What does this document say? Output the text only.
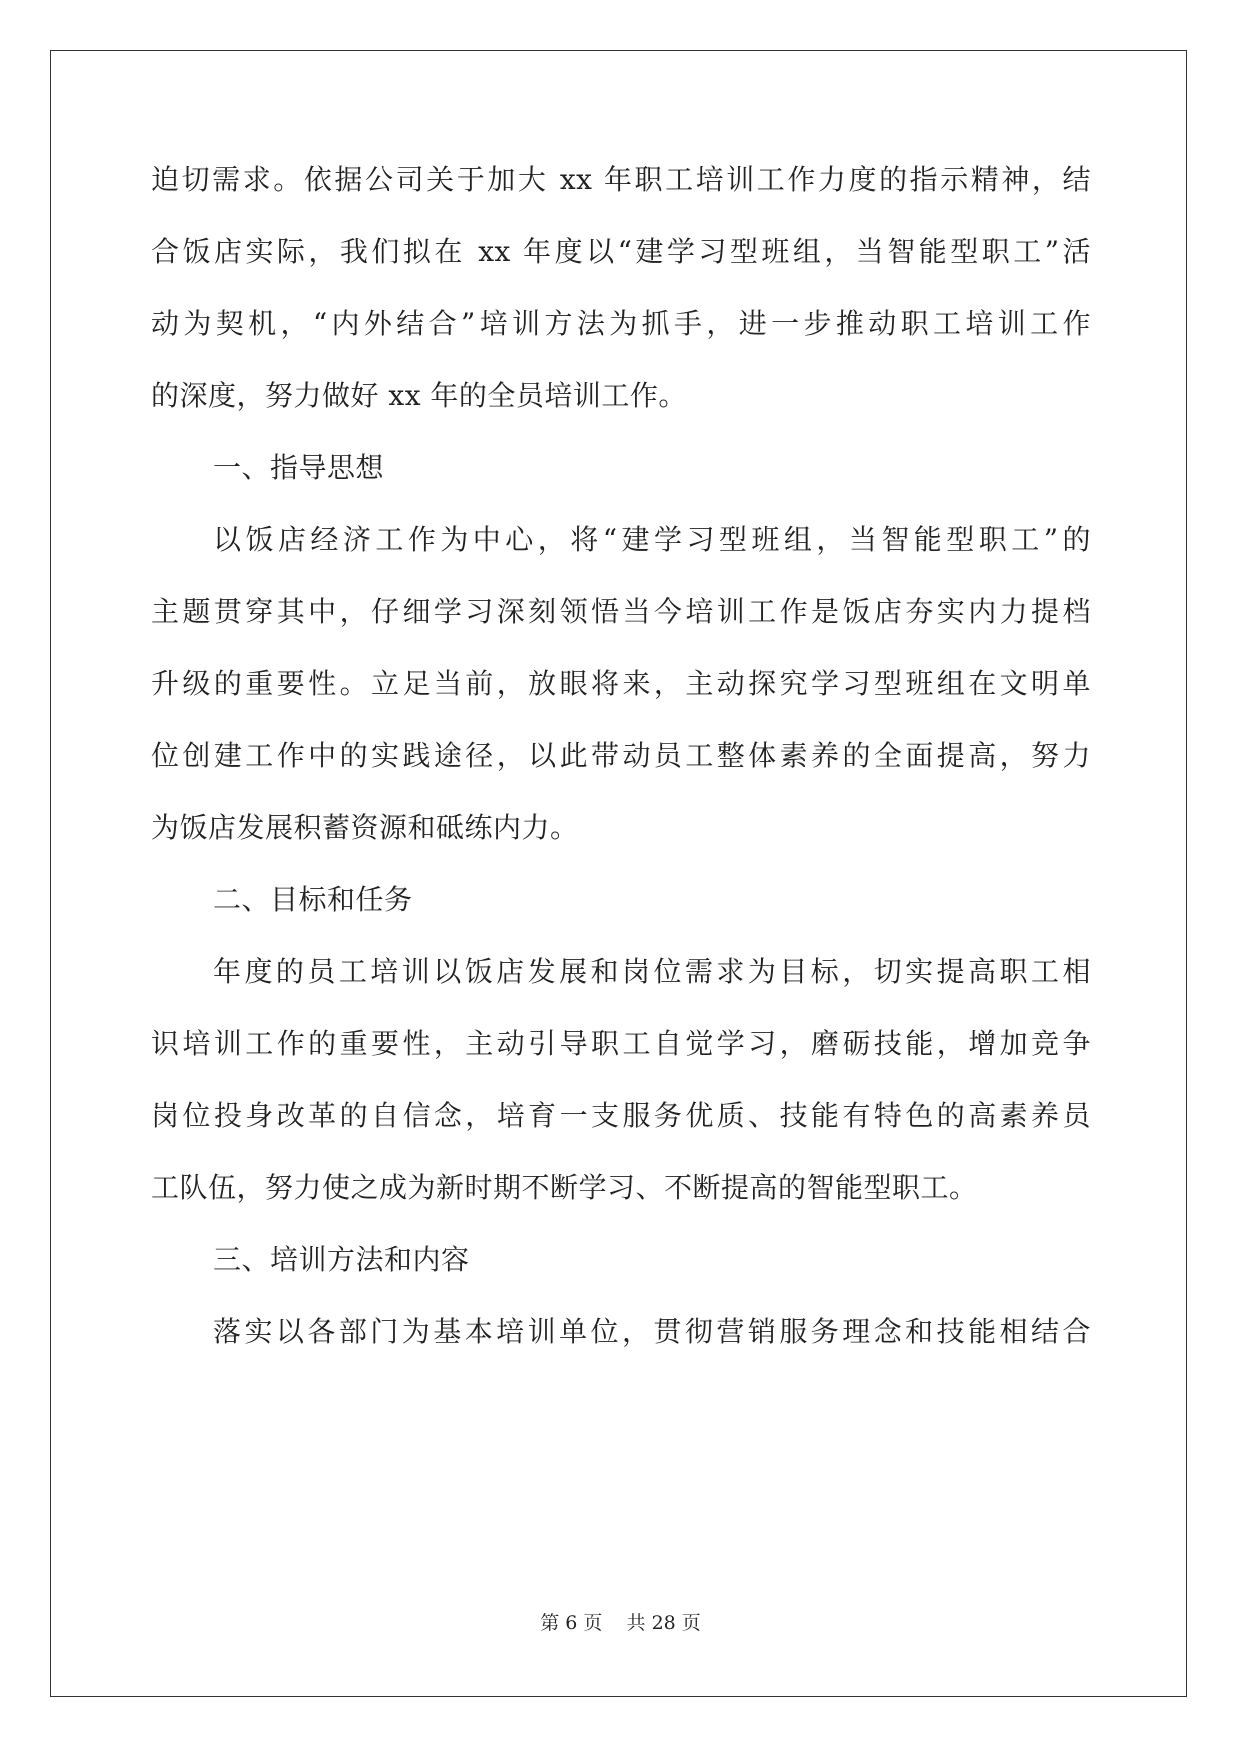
迫切需求。依据公司关于加大 xx 年职工培训工作力度的指示精神，结
合饭店实际，我们拟在 xx 年度以“建学习型班组，当智能型职工”活
动为契机，“内外结合”培训方法为抓手，进一步推动职工培训工作
的深度，努力做好 xx 年的全员培训工作。
一、指导思想
以饭店经济工作为中心，将“建学习型班组，当智能型职工”的
主题贯穿其中，仔细学习深刻领悟当今培训工作是饭店夯实内力提档
升级的重要性。立足当前，放眼将来，主动探究学习型班组在文明单
位创建工作中的实践途径，以此带动员工整体素养的全面提高，努力
为饭店发展积蓄资源和砥练内力。
二、目标和任务
年度的员工培训以饭店发展和岗位需求为目标，切实提高职工相
识培训工作的重要性，主动引导职工自觉学习，磨砺技能，增加竞争
岗位投身改革的自信念，培育一支服务优质、技能有特色的高素养员
工队伍，努力使之成为新时期不断学习、不断提高的智能型职工。
三、培训方法和内容
落实以各部门为基本培训单位，贯彻营销服务理念和技能相结合
第 6 页 共 28 页
